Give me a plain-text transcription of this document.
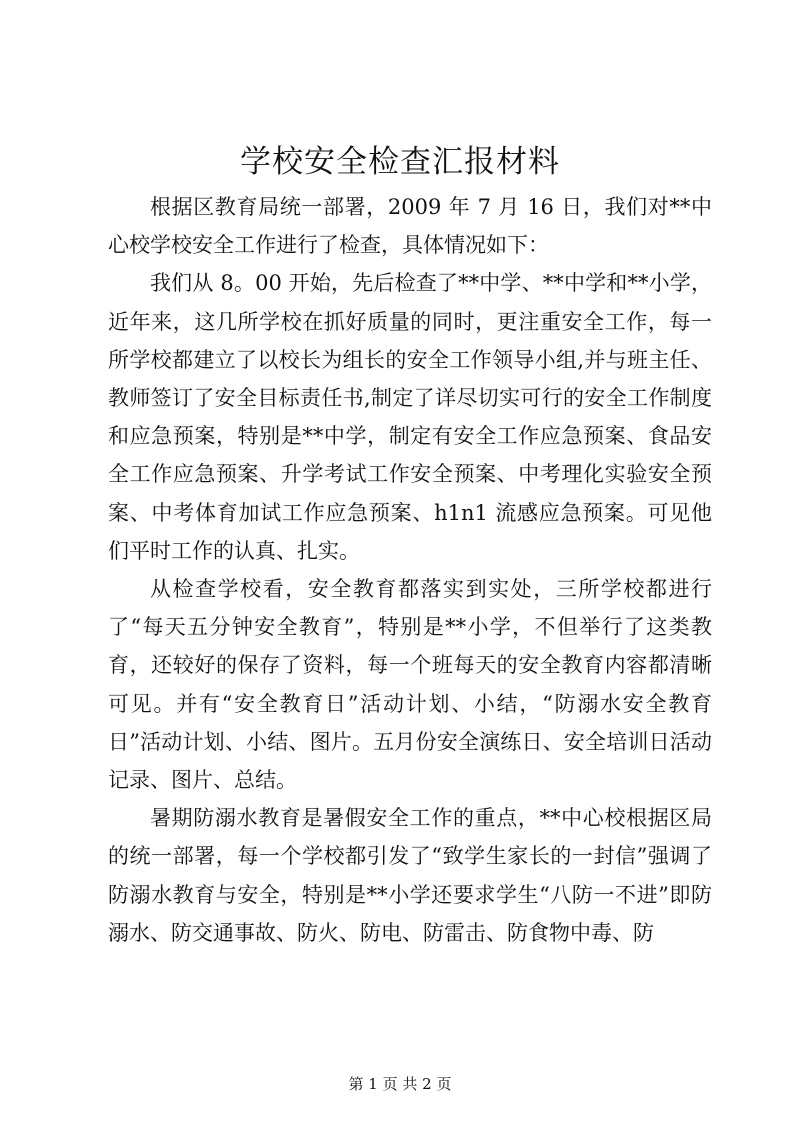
学校安全检查汇报材料

根据区教育局统一部署，2009 年 7 月 16 日，我们对**中心校学校安全工作进行了检查，具体情况如下：

我们从 8。00 开始，先后检查了**中学、**中学和**小学，近年来，这几所学校在抓好质量的同时，更注重安全工作，每一所学校都建立了以校长为组长的安全工作领导小组,并与班主任、教师签订了安全目标责任书,制定了详尽切实可行的安全工作制度和应急预案，特别是**中学，制定有安全工作应急预案、食品安全工作应急预案、升学考试工作安全预案、中考理化实验安全预案、中考体育加试工作应急预案、h1n1 流感应急预案。可见他们平时工作的认真、扎实。

从检查学校看，安全教育都落实到实处，三所学校都进行了“每天五分钟安全教育”，特别是**小学，不但举行了这类教育，还较好的保存了资料，每一个班每天的安全教育内容都清晰可见。并有“安全教育日”活动计划、小结，“防溺水安全教育日”活动计划、小结、图片。五月份安全演练日、安全培训日活动记录、图片、总结。

暑期防溺水教育是暑假安全工作的重点，**中心校根据区局的统一部署，每一个学校都引发了“致学生家长的一封信”强调了防溺水教育与安全，特别是**小学还要求学生“八防一不进”即防溺水、防交通事故、防火、防电、防雷击、防食物中毒、防

第 1 页 共 2 页
